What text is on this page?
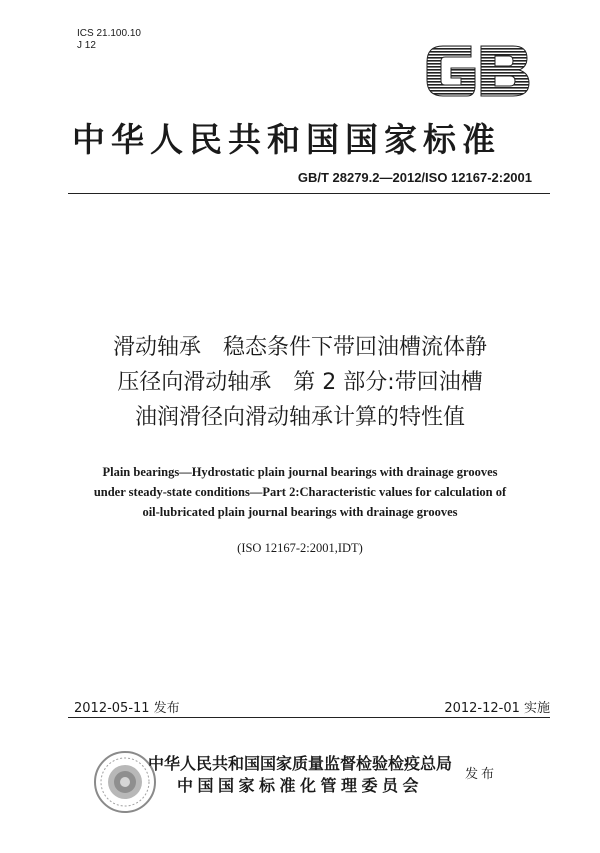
ICS 21.100.10
J 12
中华人民共和国国家标准
GB/T 28279.2—2012/ISO 12167-2:2001
滑动轴承　稳态条件下带回油槽流体静
压径向滑动轴承　第 2 部分:带回油槽
油润滑径向滑动轴承计算的特性值
Plain bearings—Hydrostatic plain journal bearings with drainage grooves
under steady-state conditions—Part 2:Characteristic values for calculation of
oil-lubricated plain journal bearings with drainage grooves
(ISO 12167-2:2001,IDT)
2012-05-11 发布	2012-12-01 实施
中华人民共和国国家质量监督检验检疫总局
中国国家标准化管理委员会
发布
